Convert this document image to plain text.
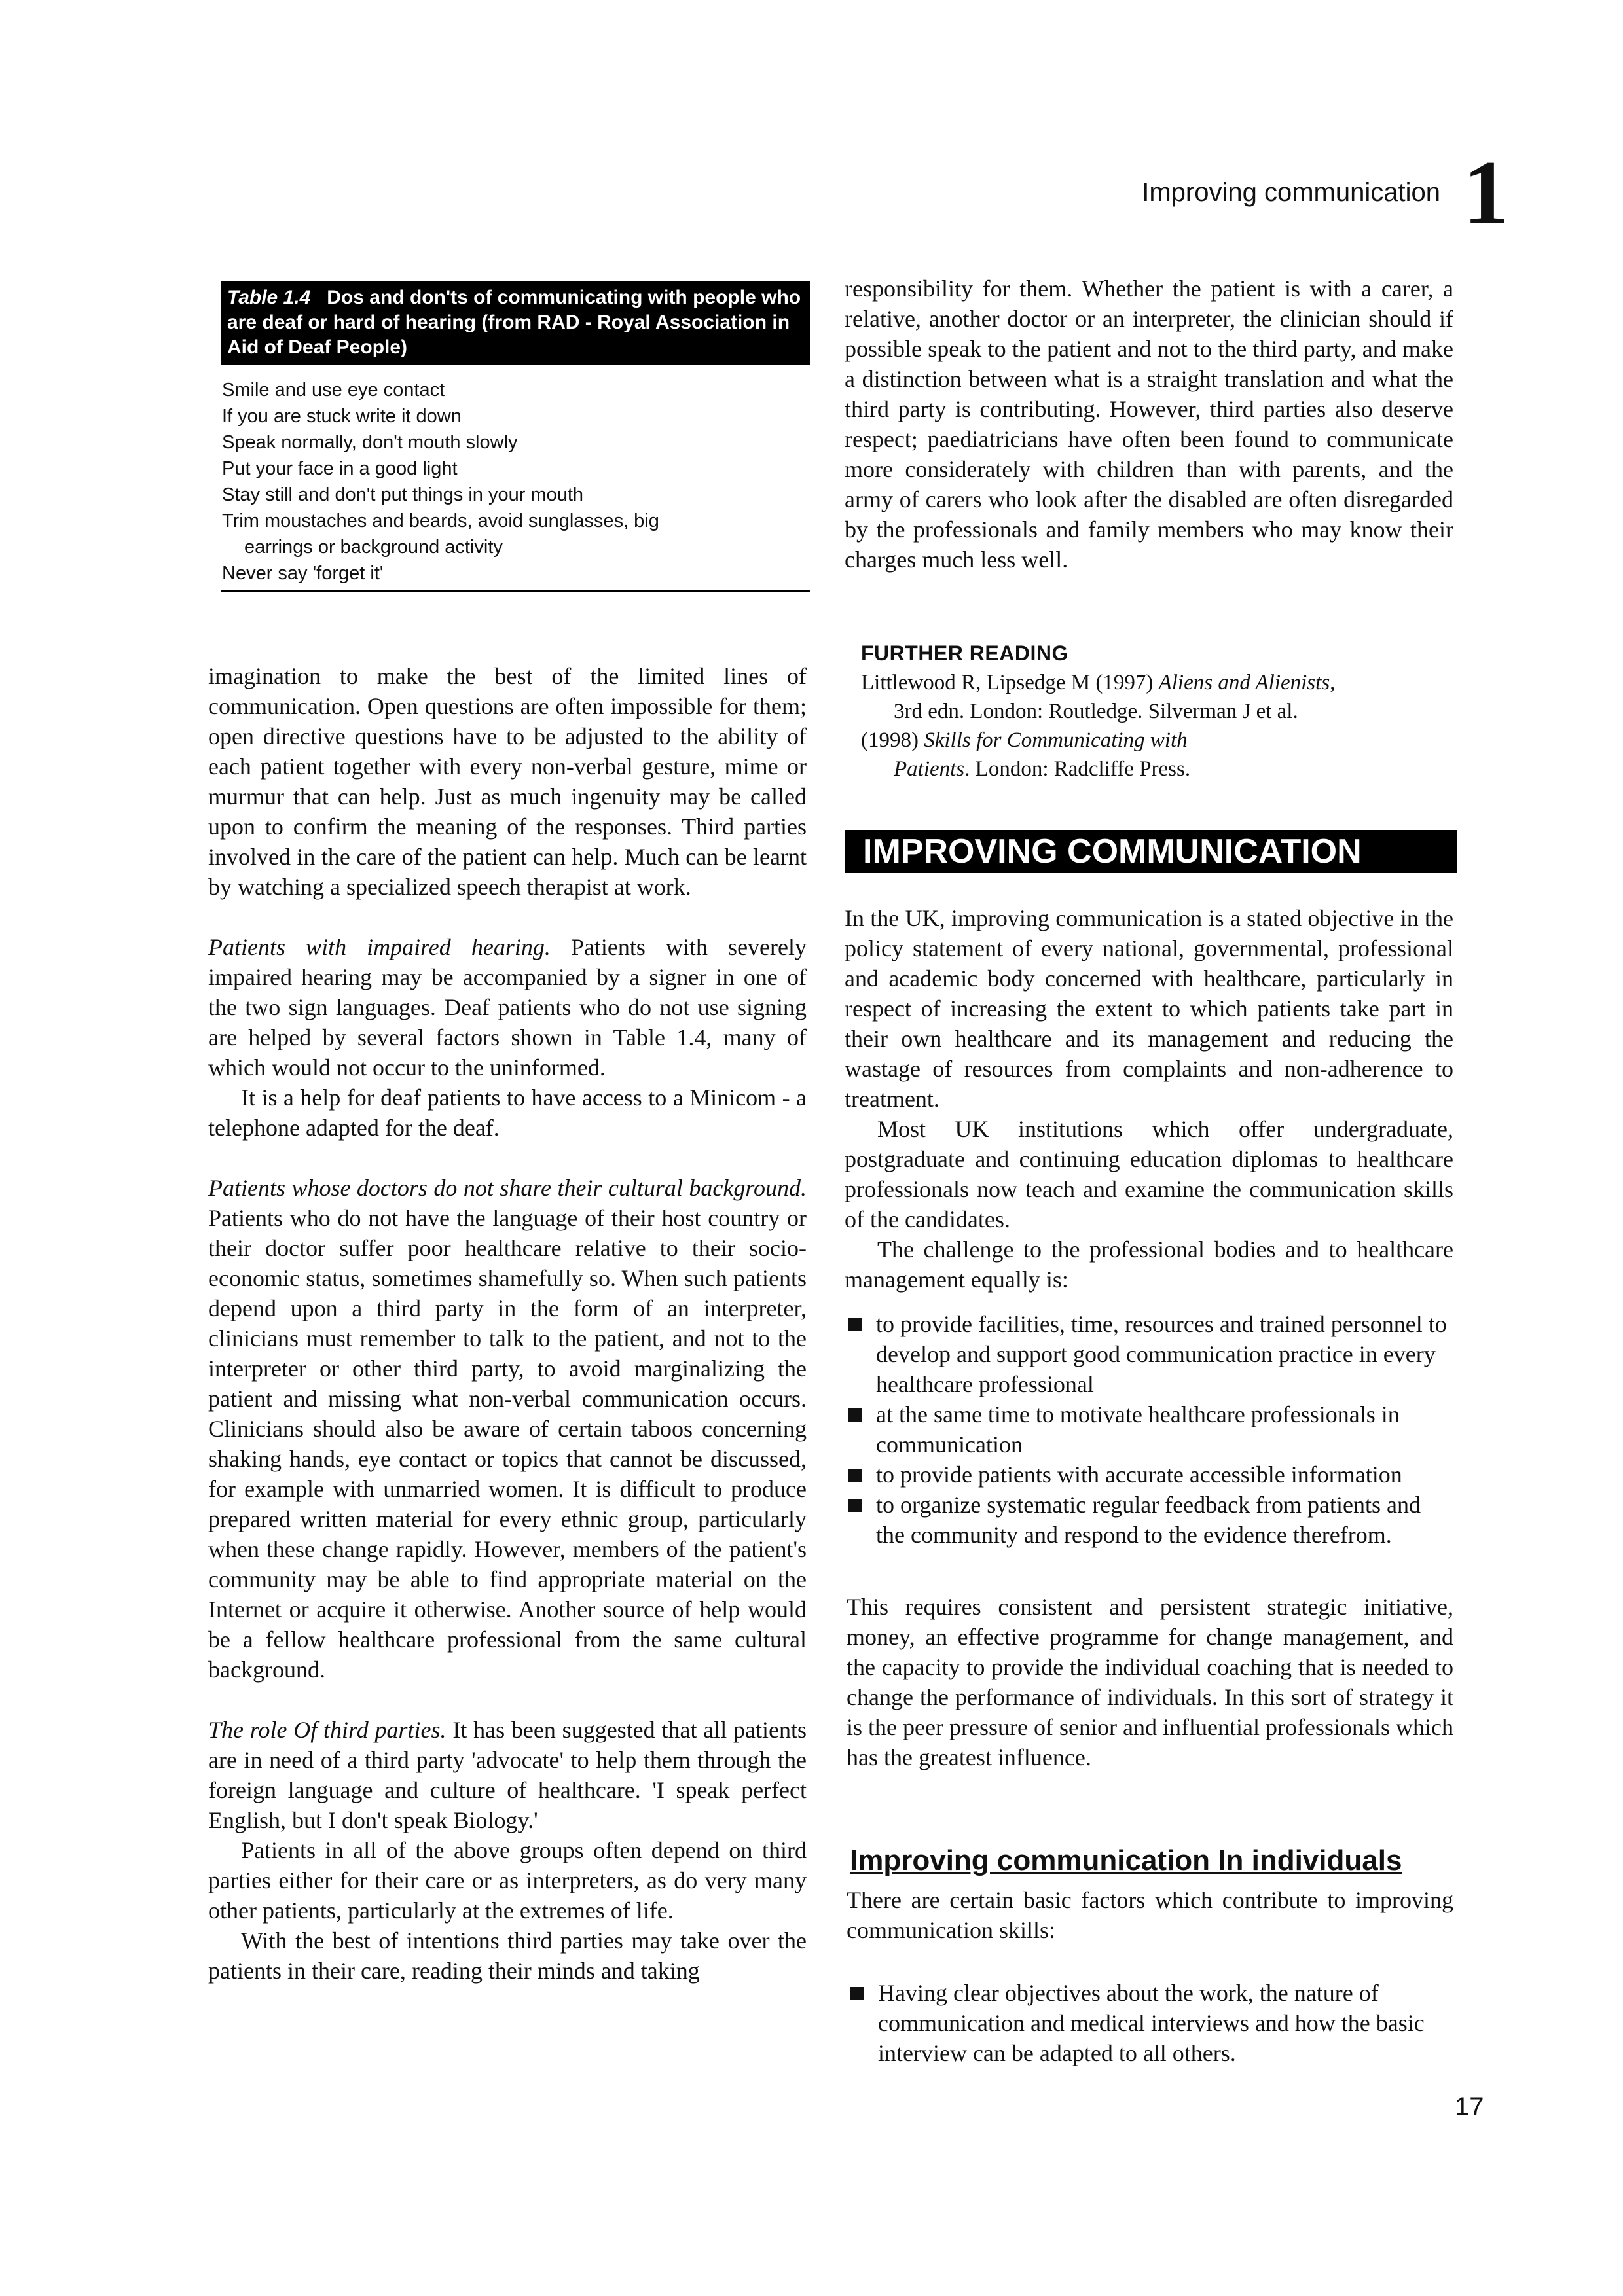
Improving communication 1
Table 1.4 Dos and don'ts of communicating with people who are deaf or hard of hearing (from RAD - Royal Association in Aid of Deaf People)
Smile and use eye contact
If you are stuck write it down
Speak normally, don't mouth slowly
Put your face in a good light
Stay still and don't put things in your mouth
Trim moustaches and beards, avoid sunglasses, big
earrings or background activity
Never say 'forget it'

imagination to make the best of the limited lines of communication. Open questions are often impossible for them; open directive questions have to be adjusted to the ability of each patient together with every non-verbal gesture, mime or murmur that can help. Just as much ingenuity may be called upon to confirm the meaning of the responses. Third parties involved in the care of the patient can help. Much can be learnt by watching a specialized speech therapist at work.

Patients with impaired hearing. Patients with severely impaired hearing may be accompanied by a signer in one of the two sign languages. Deaf patients who do not use signing are helped by several factors shown in Table 1.4, many of which would not occur to the uninformed.

It is a help for deaf patients to have access to a Minicom - a telephone adapted for the deaf.

Patients whose doctors do not share their cultural background. Patients who do not have the language of their host country or their doctor suffer poor healthcare relative to their socio-economic status, sometimes shamefully so. When such patients depend upon a third party in the form of an interpreter, clinicians must remember to talk to the patient, and not to the interpreter or other third party, to avoid marginalizing the patient and missing what non-verbal communication occurs. Clinicians should also be aware of certain taboos concerning shaking hands, eye contact or topics that cannot be discussed, for example with unmarried women. It is difficult to produce prepared written material for every ethnic group, particularly when these change rapidly. However, members of the patient's community may be able to find appropriate material on the Internet or acquire it otherwise. Another source of help would be a fellow healthcare professional from the same cultural background.

The role Of third parties. It has been suggested that all patients are in need of a third party 'advocate' to help them through the foreign language and culture of healthcare. 'I speak perfect English, but I don't speak Biology.'

Patients in all of the above groups often depend on third parties either for their care or as interpreters, as do very many other patients, particularly at the extremes of life.

With the best of intentions third parties may take over the patients in their care, reading their minds and taking

responsibility for them. Whether the patient is with a carer, a relative, another doctor or an interpreter, the clinician should if possible speak to the patient and not to the third party, and make a distinction between what is a straight translation and what the third party is contributing. However, third parties also deserve respect; paediatricians have often been found to communicate more considerately with children than with parents, and the army of carers who look after the disabled are often disregarded by the professionals and family members who may know their charges much less well.

FURTHER READING
Littlewood R, Lipsedge M (1997) Aliens and Alienists,
3rd edn. London: Routledge. Silverman J et al.
(1998) Skills for Communicating with
Patients. London: Radcliffe Press.
IMPROVING COMMUNICATION

In the UK, improving communication is a stated objective in the policy statement of every national, governmental, professional and academic body concerned with healthcare, particularly in respect of increasing the extent to which patients take part in their own healthcare and its management and reducing the wastage of resources from complaints and non-adherence to treatment.

Most UK institutions which offer undergraduate, postgraduate and continuing education diplomas to healthcare professionals now teach and examine the communication skills of the candidates.

The challenge to the professional bodies and to healthcare management equally is:

to provide facilities, time, resources and trained personnel to develop and support good communication practice in every healthcare professional
at the same time to motivate healthcare professionals in communication
to provide patients with accurate accessible information
to organize systematic regular feedback from patients and the community and respond to the evidence therefrom.

This requires consistent and persistent strategic initiative, money, an effective programme for change management, and the capacity to provide the individual coaching that is needed to change the performance of individuals. In this sort of strategy it is the peer pressure of senior and influential professionals which has the greatest influence.

Improving communication In individuals

There are certain basic factors which contribute to improving communication skills:

Having clear objectives about the work, the nature of communication and medical interviews and how the basic interview can be adapted to all others.
17
